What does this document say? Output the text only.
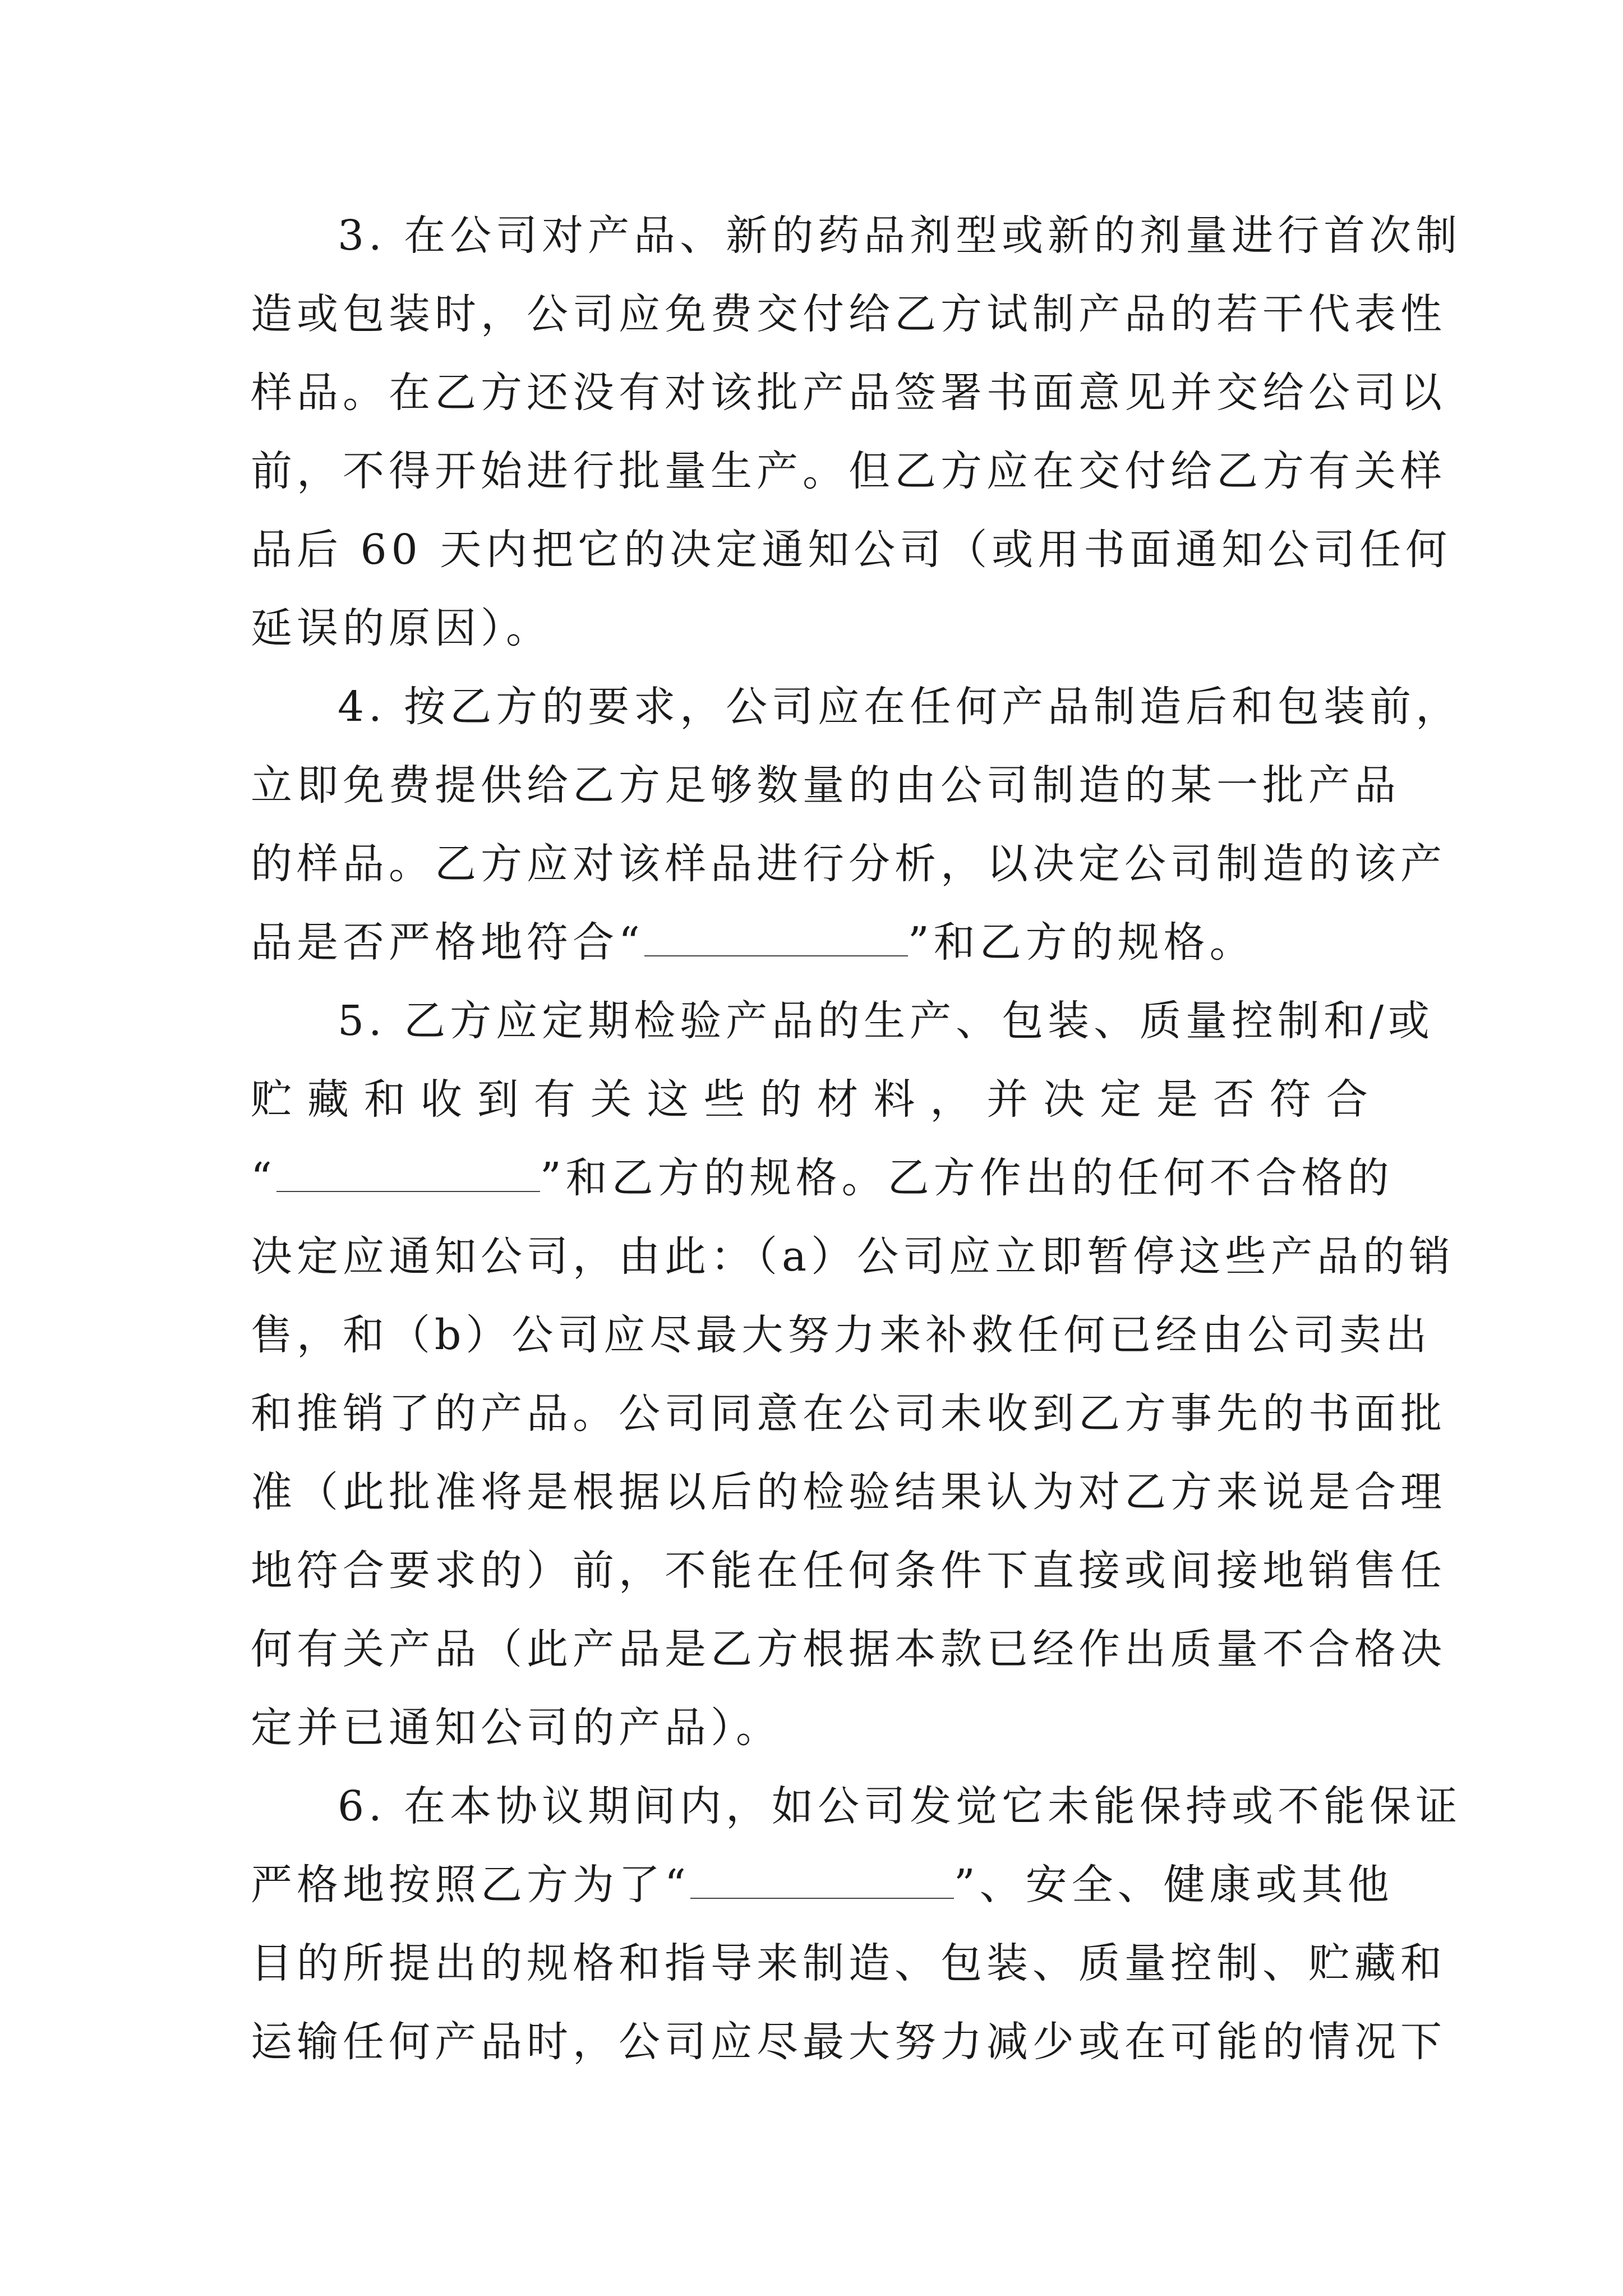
3. 在公司对产品、新的药品剂型或新的剂量进行首次制
造或包装时，公司应免费交付给乙方试制产品的若干代表性
样品。在乙方还没有对该批产品签署书面意见并交给公司以
前，不得开始进行批量生产。但乙方应在交付给乙方有关样
品后 60 天内把它的决定通知公司（或用书面通知公司任何
延误的原因）。
4. 按乙方的要求，公司应在任何产品制造后和包装前，
立即免费提供给乙方足够数量的由公司制造的某一批产品
的样品。乙方应对该样品进行分析，以决定公司制造的该产
品是否严格地符合“	”和乙方的规格。
5. 乙方应定期检验产品的生产、包装、质量控制和/或
贮 藏 和 收 到 有 关 这 些 的 材 料 ， 并 决 定 是 否 符 合
“	”和乙方的规格。乙方作出的任何不合格的
决定应通知公司，由此：（a）公司应立即暂停这些产品的销
售，和（b）公司应尽最大努力来补救任何已经由公司卖出
和推销了的产品。公司同意在公司未收到乙方事先的书面批
准（此批准将是根据以后的检验结果认为对乙方来说是合理
地符合要求的）前，不能在任何条件下直接或间接地销售任
何有关产品（此产品是乙方根据本款已经作出质量不合格决
定并已通知公司的产品）。
6. 在本协议期间内，如公司发觉它未能保持或不能保证
严格地按照乙方为了“	”、安全、健康或其他
目的所提出的规格和指导来制造、包装、质量控制、贮藏和
运输任何产品时，公司应尽最大努力减少或在可能的情况下
